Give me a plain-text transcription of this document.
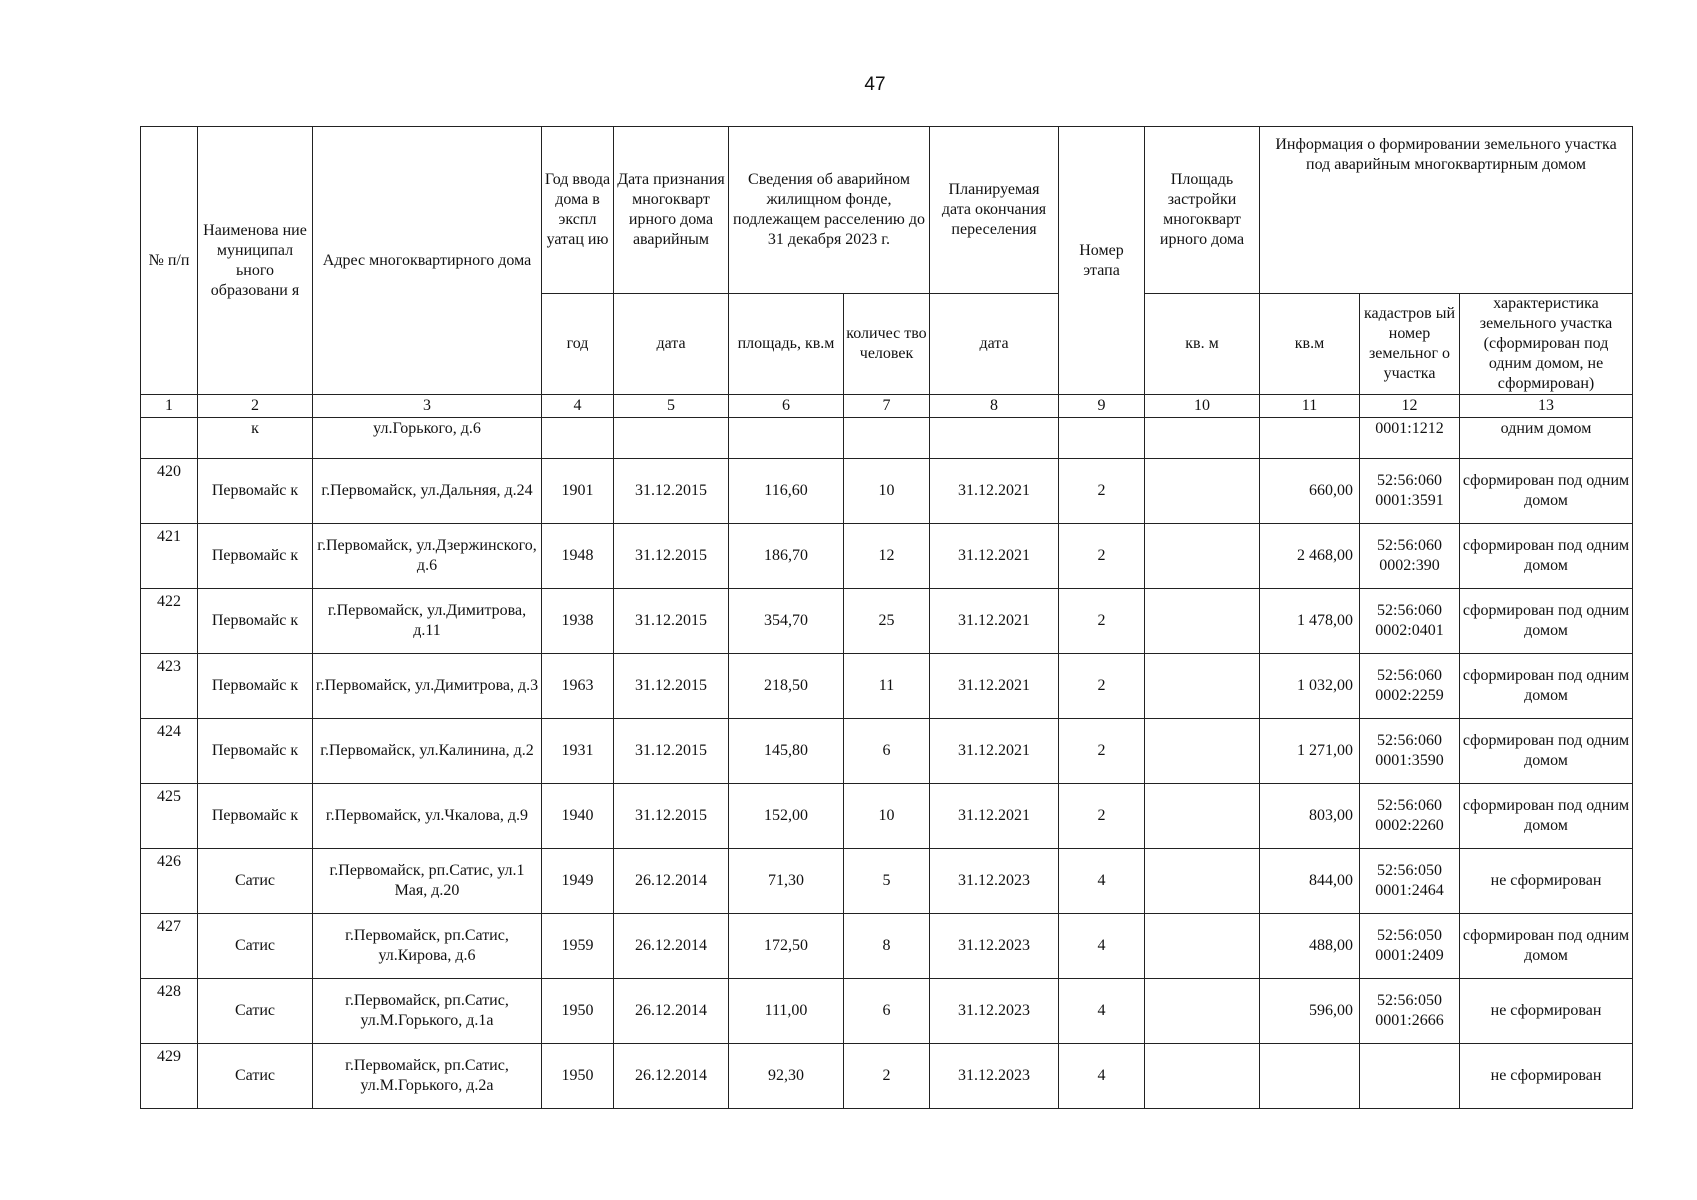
47
№ п/п	Наименова ние муниципал ьного образовани я	Адрес многоквартирного дома	Год ввода дома в экспл уатац ию	Дата признания многокварт ирного дома аварийным	Сведения об аварийном жилищном фонде, подлежащем расселению до 31 декабря 2023 г.		Планируемая дата окончания переселения	Номер этапа	Площадь застройки многокварт ирного дома	Информация о формировании земельного участка под аварийным многоквартирным домом		
			год	дата	площадь, кв.м	количес тво человек	дата		кв. м	кв.м	кадастров ый номер земельног о участка	характеристика земельного участка (сформирован под одним домом, не сформирован)
1	2	3	4	5	6	7	8	9	10	11	12	13
	к	ул.Горького, д.6									0001:1212	одним домом
420	Первомайс к	г.Первомайск, ул.Дальняя, д.24	1901	31.12.2015	116,60	10	31.12.2021	2		660,00	52:56:060 0001:3591	сформирован под одним домом
421	Первомайс к	г.Первомайск, ул.Дзержинского, д.6	1948	31.12.2015	186,70	12	31.12.2021	2		2 468,00	52:56:060 0002:390	сформирован под одним домом
422	Первомайс к	г.Первомайск, ул.Димитрова, д.11	1938	31.12.2015	354,70	25	31.12.2021	2		1 478,00	52:56:060 0002:0401	сформирован под одним домом
423	Первомайс к	г.Первомайск, ул.Димитрова, д.3	1963	31.12.2015	218,50	11	31.12.2021	2		1 032,00	52:56:060 0002:2259	сформирован под одним домом
424	Первомайс к	г.Первомайск, ул.Калинина, д.2	1931	31.12.2015	145,80	6	31.12.2021	2		1 271,00	52:56:060 0001:3590	сформирован под одним домом
425	Первомайс к	г.Первомайск, ул.Чкалова, д.9	1940	31.12.2015	152,00	10	31.12.2021	2		803,00	52:56:060 0002:2260	сформирован под одним домом
426	Сатис	г.Первомайск, рп.Сатис, ул.1 Мая, д.20	1949	26.12.2014	71,30	5	31.12.2023	4		844,00	52:56:050 0001:2464	не сформирован
427	Сатис	г.Первомайск, рп.Сатис, ул.Кирова, д.6	1959	26.12.2014	172,50	8	31.12.2023	4		488,00	52:56:050 0001:2409	сформирован под одним домом
428	Сатис	г.Первомайск, рп.Сатис, ул.М.Горького, д.1а	1950	26.12.2014	111,00	6	31.12.2023	4		596,00	52:56:050 0001:2666	не сформирован
429	Сатис	г.Первомайск, рп.Сатис, ул.М.Горького, д.2а	1950	26.12.2014	92,30	2	31.12.2023	4				не сформирован
